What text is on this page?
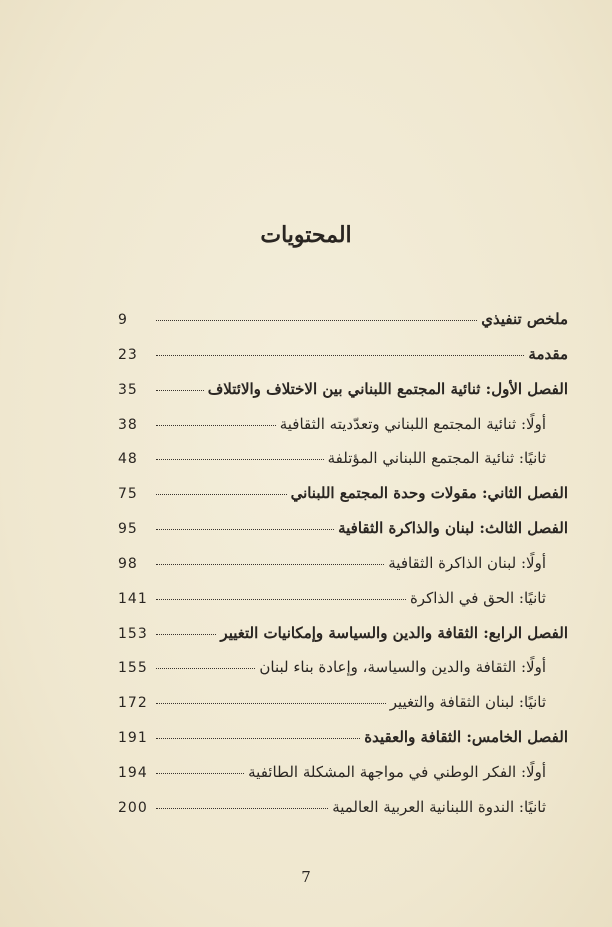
المحتويات
ملخص تنفيذي
9
مقدمة
23
الفصل الأول: ثنائية المجتمع اللبناني بين الاختلاف والائتلاف
35
أولًا: ثنائية المجتمع اللبناني وتعدّديته الثقافية
38
ثانيًا: ثنائية المجتمع اللبناني المؤتلفة
48
الفصل الثاني: مقولات وحدة المجتمع اللبناني
75
الفصل الثالث: لبنان والذاكرة الثقافية
95
أولًا: لبنان الذاكرة الثقافية
98
ثانيًا: الحق في الذاكرة
141
الفصل الرابع: الثقافة والدين والسياسة وإمكانيات التغيير
153
أولًا: الثقافة والدين والسياسة، وإعادة بناء لبنان
155
ثانيًا: لبنان الثقافة والتغيير
172
الفصل الخامس: الثقافة والعقيدة
191
أولًا: الفكر الوطني في مواجهة المشكلة الطائفية
194
ثانيًا: الندوة اللبنانية العربية العالمية
200
7
